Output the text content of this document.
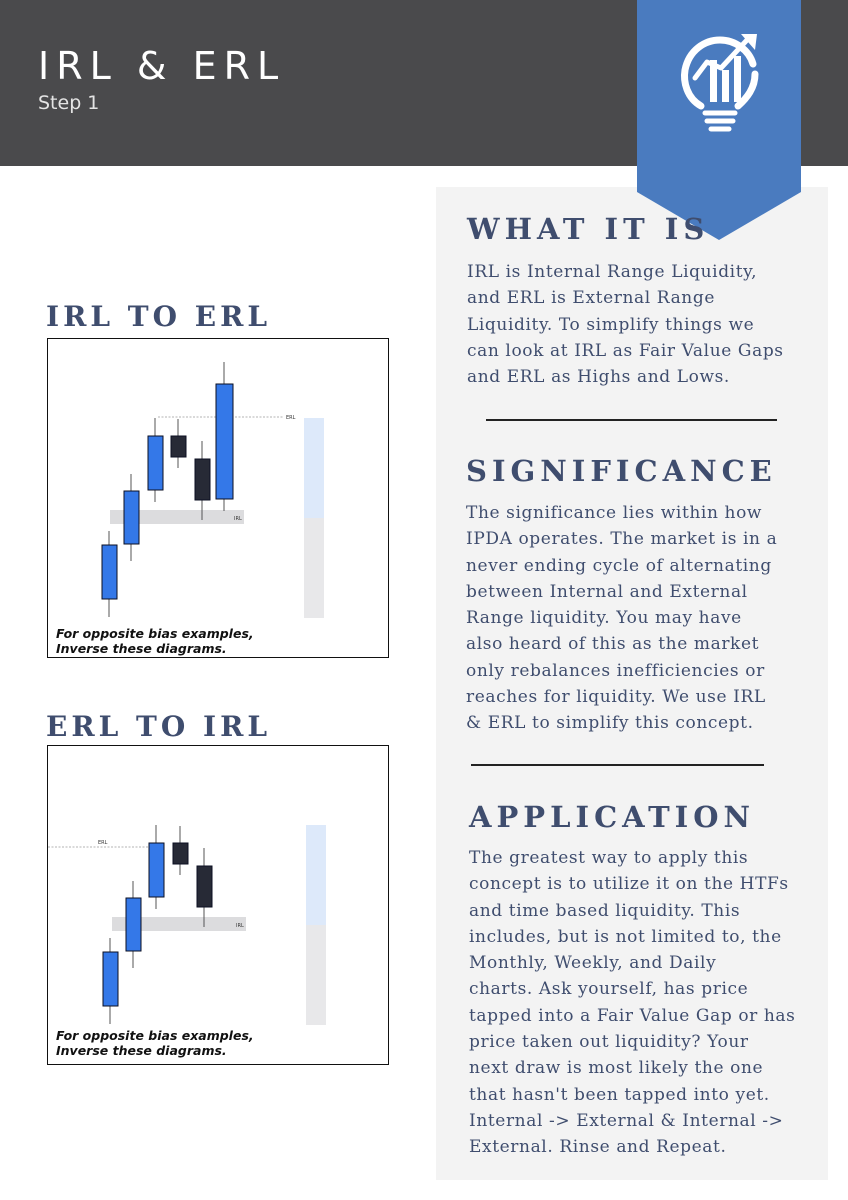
IRL & ERL
Step 1
IRL TO ERL
ERL
IRL
For opposite bias examples,
Inverse these diagrams.
ERL TO IRL
ERL
IRL
For opposite bias examples,
Inverse these diagrams.
WHAT IT IS
IRL is Internal Range Liquidity,
and ERL is External Range
Liquidity. To simplify things we
can look at IRL as Fair Value Gaps
and ERL as Highs and Lows.
SIGNIFICANCE
The significance lies within how
IPDA operates. The market is in a
never ending cycle of alternating
between Internal and External
Range liquidity. You may have
also heard of this as the market
only rebalances inefficiencies or
reaches for liquidity. We use IRL
& ERL to simplify this concept.
APPLICATION
The greatest way to apply this
concept is to utilize it on the HTFs
and time based liquidity. This
includes, but is not limited to, the
Monthly, Weekly, and Daily
charts. Ask yourself, has price
tapped into a Fair Value Gap or has
price taken out liquidity? Your
next draw is most likely the one
that hasn't been tapped into yet.
Internal -> External & Internal ->
External. Rinse and Repeat.
